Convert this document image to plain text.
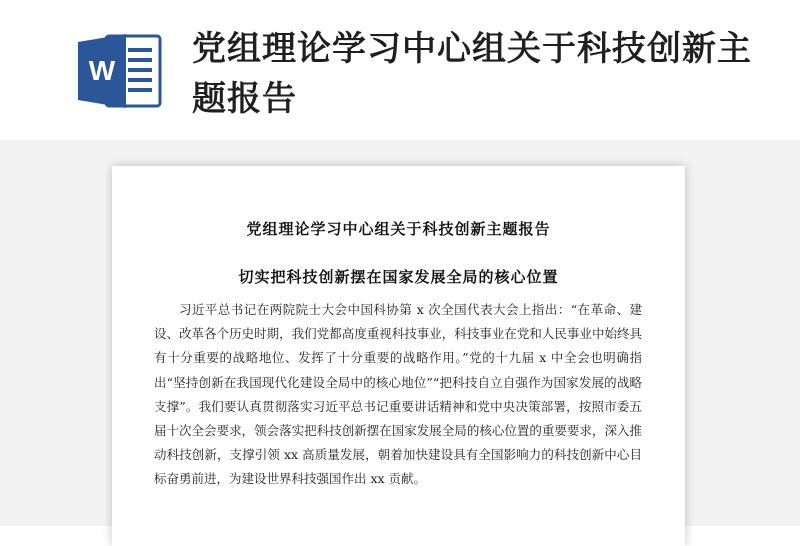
W
党组理论学习中心组关于科技创新主题报告
党组理论学习中心组关于科技创新主题报告
切实把科技创新摆在国家发展全局的核心位置

习近平总书记在两院院士大会中国科协第 x 次全国代表大会上指出：“在革命、建设、改革各个历史时期，我们党都高度重视科技事业，科技事业在党和人民事业中始终具有十分重要的战略地位、发挥了十分重要的战略作用。”党的十九届 x 中全会也明确指出“坚持创新在我国现代化建设全局中的核心地位”“把科技自立自强作为国家发展的战略支撑”。我们要认真贯彻落实习近平总书记重要讲话精神和党中央决策部署，按照市委五届十次全会要求，领会落实把科技创新摆在国家发展全局的核心位置的重要要求，深入推动科技创新，支撑引领 xx 高质量发展，朝着加快建设具有全国影响力的科技创新中心目标奋勇前进，为建设世界科技强国作出 xx 贡献。
